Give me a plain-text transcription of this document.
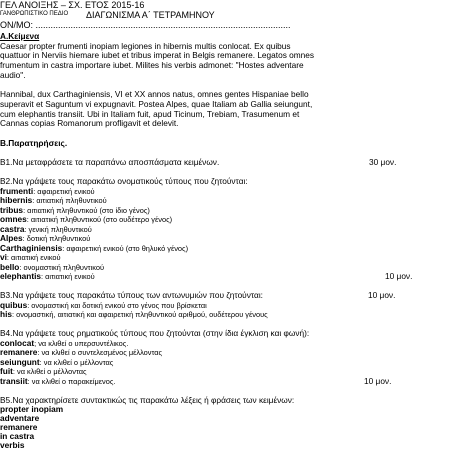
ΓΕΛ ΑΝΟΙΞΗΣ – ΣΧ. ΕΤΟΣ 2015-16
ΓΑΝΘΡΩΠΙΣΤΙΚΟ ΠΕΔΙΟ ΔΙΑΓΩΝΙΣΜΑ Α΄ ΤΕΤΡΑΜΗΝΟΥ
ΟΝ/ΜΟ: ......................................................................................................
Α.Κείμενα
Caesar propter frumenti inopiam legiones in hibernis multis conlocat. Ex quibus
quattuor in Nerviis hiemare iubet et tribus imperat in Belgis remanere. Legatos omnes
frumentum in castra importare iubet. Milites his verbis admonet: "Hostes adventare
audio".
Hannibal, dux Carthaginiensis, VI et XX annos natus, omnes gentes Hispaniae bello
superavit et Saguntum vi expugnavit. Postea Alpes, quae Italiam ab Gallia seiungunt,
cum elephantis transiit. Ubi in Italiam fuit, apud Ticinum, Trebiam, Trasumenum et
Cannas copias Romanorum profligavit et delevit.
Β.Παρατηρήσεις.
Β1.Να μεταφράσετε τα παραπάνω αποσπάσματα κειμένων.	30 μον.
Β2.Να γράψετε τους παρακάτω ονοματικούς τύπους που ζητούνται:
frumenti: αφαιρετική ενικού
hibernis: αιτιατική πληθυντικού
tribus: αιτιατική πληθυντικού (στο ίδιο γένος)
omnes: αιτιατική πληθυντικού (στο ουδέτερο γένος)
castra: γενική πληθυντικού
Alpes: δοτική πληθυντικού
Carthaginiensis: αφαιρετική ενικού (στο θηλυκό γένος)
vi: αιτιατική ενικού
bello: ονομαστική πληθυντικού
elephantis: αιτιατική ενικού	10 μον.
Β3.Να γράψετε τους παρακάτω τύπους των αντωνυμιών που ζητούνται:	10 μον.
quibus: ονομαστική και δοτική ενικού στο γένος που βρίσκεται
his: ονομαστική, αιτιατική και αφαιρετική πληθυντικού αριθμού, ουδέτερου γένους
Β4.Να γράψετε τους ρηματικούς τύπους που ζητούνται (στην ίδια έγκλιση και φωνή):
conlocat; να κλιθεί ο υπερσυντέλικος.
remanere: να κλιθεί ο συντελεσμένος μέλλοντας
seiungunt: να κλιθεί ο μέλλοντας
fuit: να κλιθεί ο μέλλοντας
transiit: να κλιθεί ο παρακείμενος.	10 μον.
Β5.Να χαρακτηρίσετε συντακτικώς τις παρακάτω λέξεις ή φράσεις των κειμένων:
propter inopiam
adventare
remanere
in castra
verbis
